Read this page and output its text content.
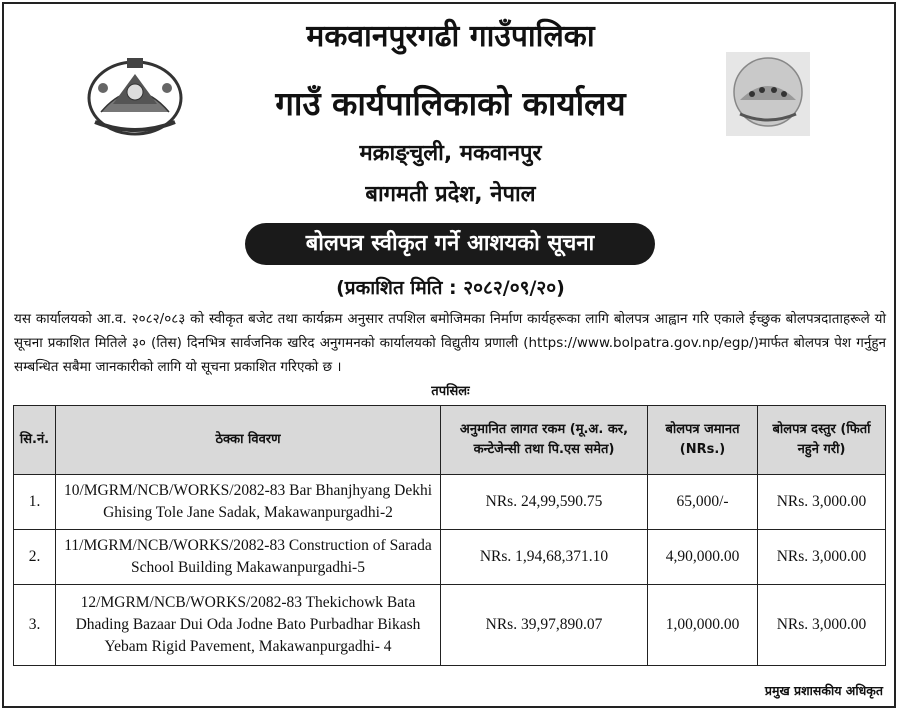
मकवानपुरगढी गाउँपालिका
गाउँ कार्यपालिकाको कार्यालय
मक्राङ्चुली, मकवानपुर
बागमती प्रदेश, नेपाल
बोलपत्र स्वीकृत गर्ने आशयको सूचना
(प्रकाशित मिति : २०८२/०९/२०)
यस कार्यालयको आ.व. २०८२/०८३ को स्वीकृत बजेट तथा कार्यक्रम अनुसार तपशिल बमोजिमका निर्माण कार्यहरूका लागि बोलपत्र आह्वान गरि एकाले ईच्छुक बोलपत्रदाताहरूले यो सूचना प्रकाशित मितिले ३० (तिस) दिनभित्र सार्वजनिक खरिद अनुगमनको कार्यालयको विद्युतीय प्रणाली (https://www.bolpatra.gov.np/egp/)मार्फत बोलपत्र पेश गर्नुहुन सम्बन्धित सबैमा जानकारीको लागि यो सूचना प्रकाशित गरिएको छ ।
तपसिलः
सि.नं.	ठेक्का विवरण	अनुमानित लागत रकम (मू.अ. कर, कन्टेजेन्सी तथा पि.एस समेत)	बोलपत्र जमानत (NRs.)	बोलपत्र दस्तुर (फिर्ता नहुने गरी)
1.	10/MGRM/NCB/WORKS/2082-83 Bar Bhanjhyang Dekhi Ghising Tole Jane Sadak, Makawanpurgadhi-2	NRs. 24,99,590.75	65,000/-	NRs. 3,000.00
2.	11/MGRM/NCB/WORKS/2082-83 Construction of Sarada School Building Makawanpurgadhi-5	NRs. 1,94,68,371.10	4,90,000.00	NRs. 3,000.00
3.	12/MGRM/NCB/WORKS/2082-83 Thekichowk Bata Dhading Bazaar Dui Oda Jodne Bato Purbadhar Bikash Yebam Rigid Pavement, Makawanpurgadhi- 4	NRs. 39,97,890.07	1,00,000.00	NRs. 3,000.00
प्रमुख प्रशासकीय अधिकृत
